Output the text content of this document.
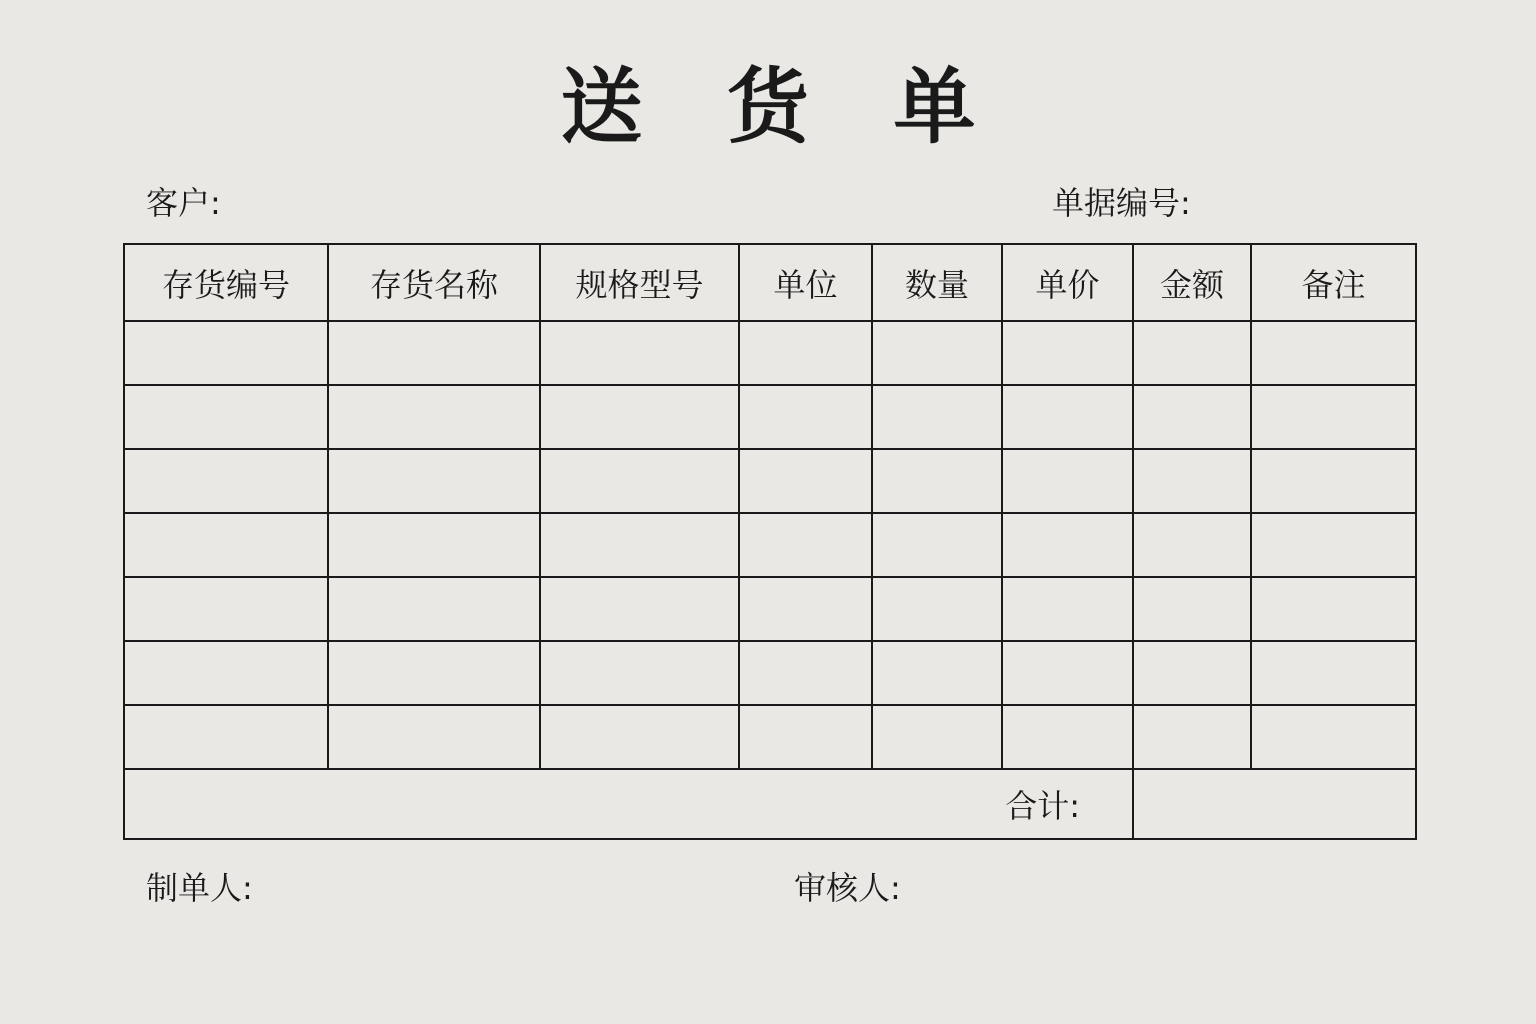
送 货 单
客户:	单据编号:
存货编号	存货名称	规格型号	单位	数量	单价	金额	备注

合计:							
制单人:	审核人:
